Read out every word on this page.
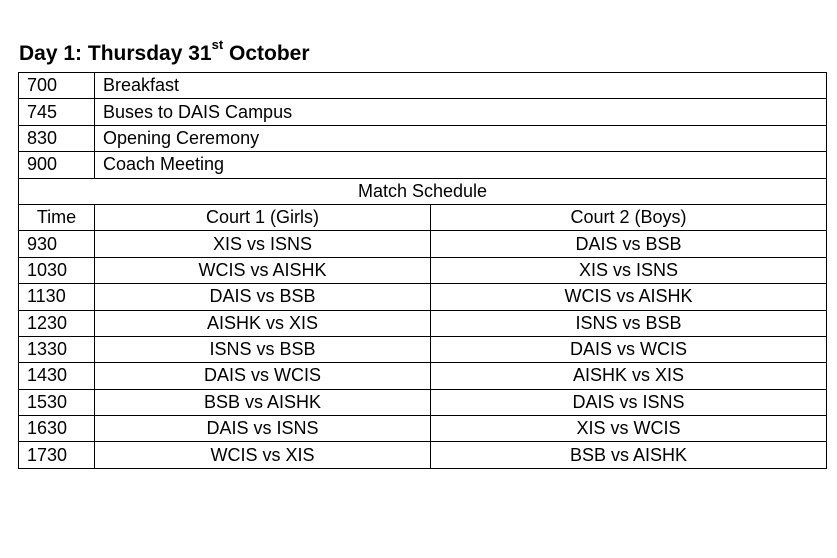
Day 1: Thursday 31st October
700	Breakfast	
745	Buses to DAIS Campus	
830	Opening Ceremony	
900	Coach Meeting	
Match Schedule		
Time	Court 1 (Girls)	Court 2 (Boys)
930	XIS vs ISNS	DAIS vs BSB
1030	WCIS vs AISHK	XIS vs ISNS
1130	DAIS vs BSB	WCIS vs AISHK
1230	AISHK vs XIS	ISNS vs BSB
1330	ISNS vs BSB	DAIS vs WCIS
1430	DAIS vs WCIS	AISHK vs XIS
1530	BSB vs AISHK	DAIS vs ISNS
1630	DAIS vs ISNS	XIS vs WCIS
1730	WCIS vs XIS	BSB vs AISHK
